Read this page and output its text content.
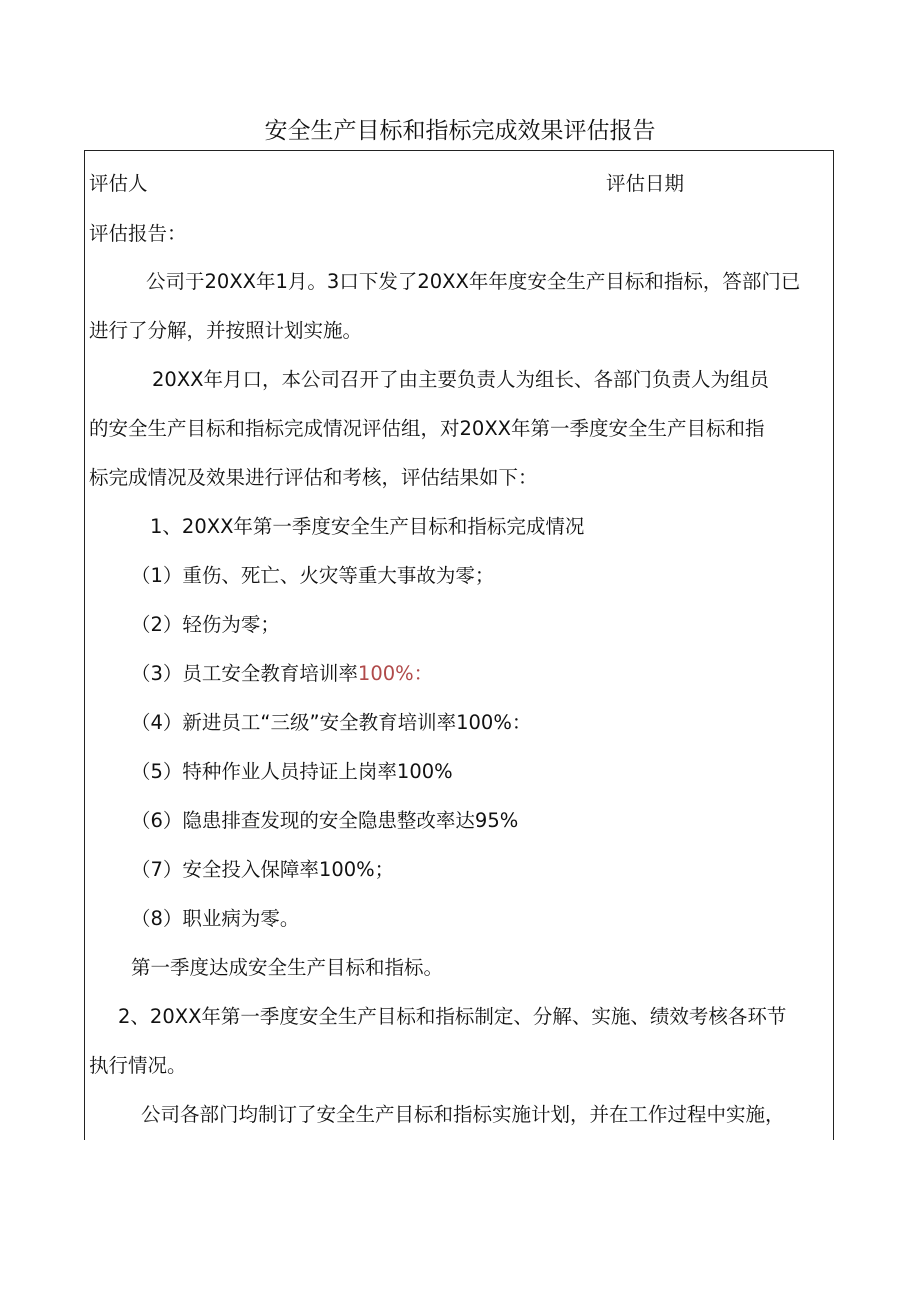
安全生产目标和指标完成效果评估报告
评估人	评估日期
评估报告：
公司于20XX年1月。3口下发了20XX年年度安全生产目标和指标，答部门已
进行了分解，并按照计划实施。
20XX年月口，本公司召开了由主要负责人为组长、各部门负责人为组员
的安全生产目标和指标完成情况评估组，对20XX年第一季度安全生产目标和指
标完成情况及效果进行评估和考核，评估结果如下：
1、20XX年第一季度安全生产目标和指标完成情况
（1）重伤、死亡、火灾等重大事故为零；
（2）轻伤为零；
（3）员工安全教育培训率100%：
（4）新进员工“三级”安全教育培训率100%：
（5）特种作业人员持证上岗率100%
（6）隐患排查发现的安全隐患整改率达95%
（7）安全投入保障率100%；
（8）职业病为零。
第一季度达成安全生产目标和指标。
2、20XX年第一季度安全生产目标和指标制定、分解、实施、绩效考核各环节
执行情况。
公司各部门均制订了安全生产目标和指标实施计划，并在工作过程中实施，
